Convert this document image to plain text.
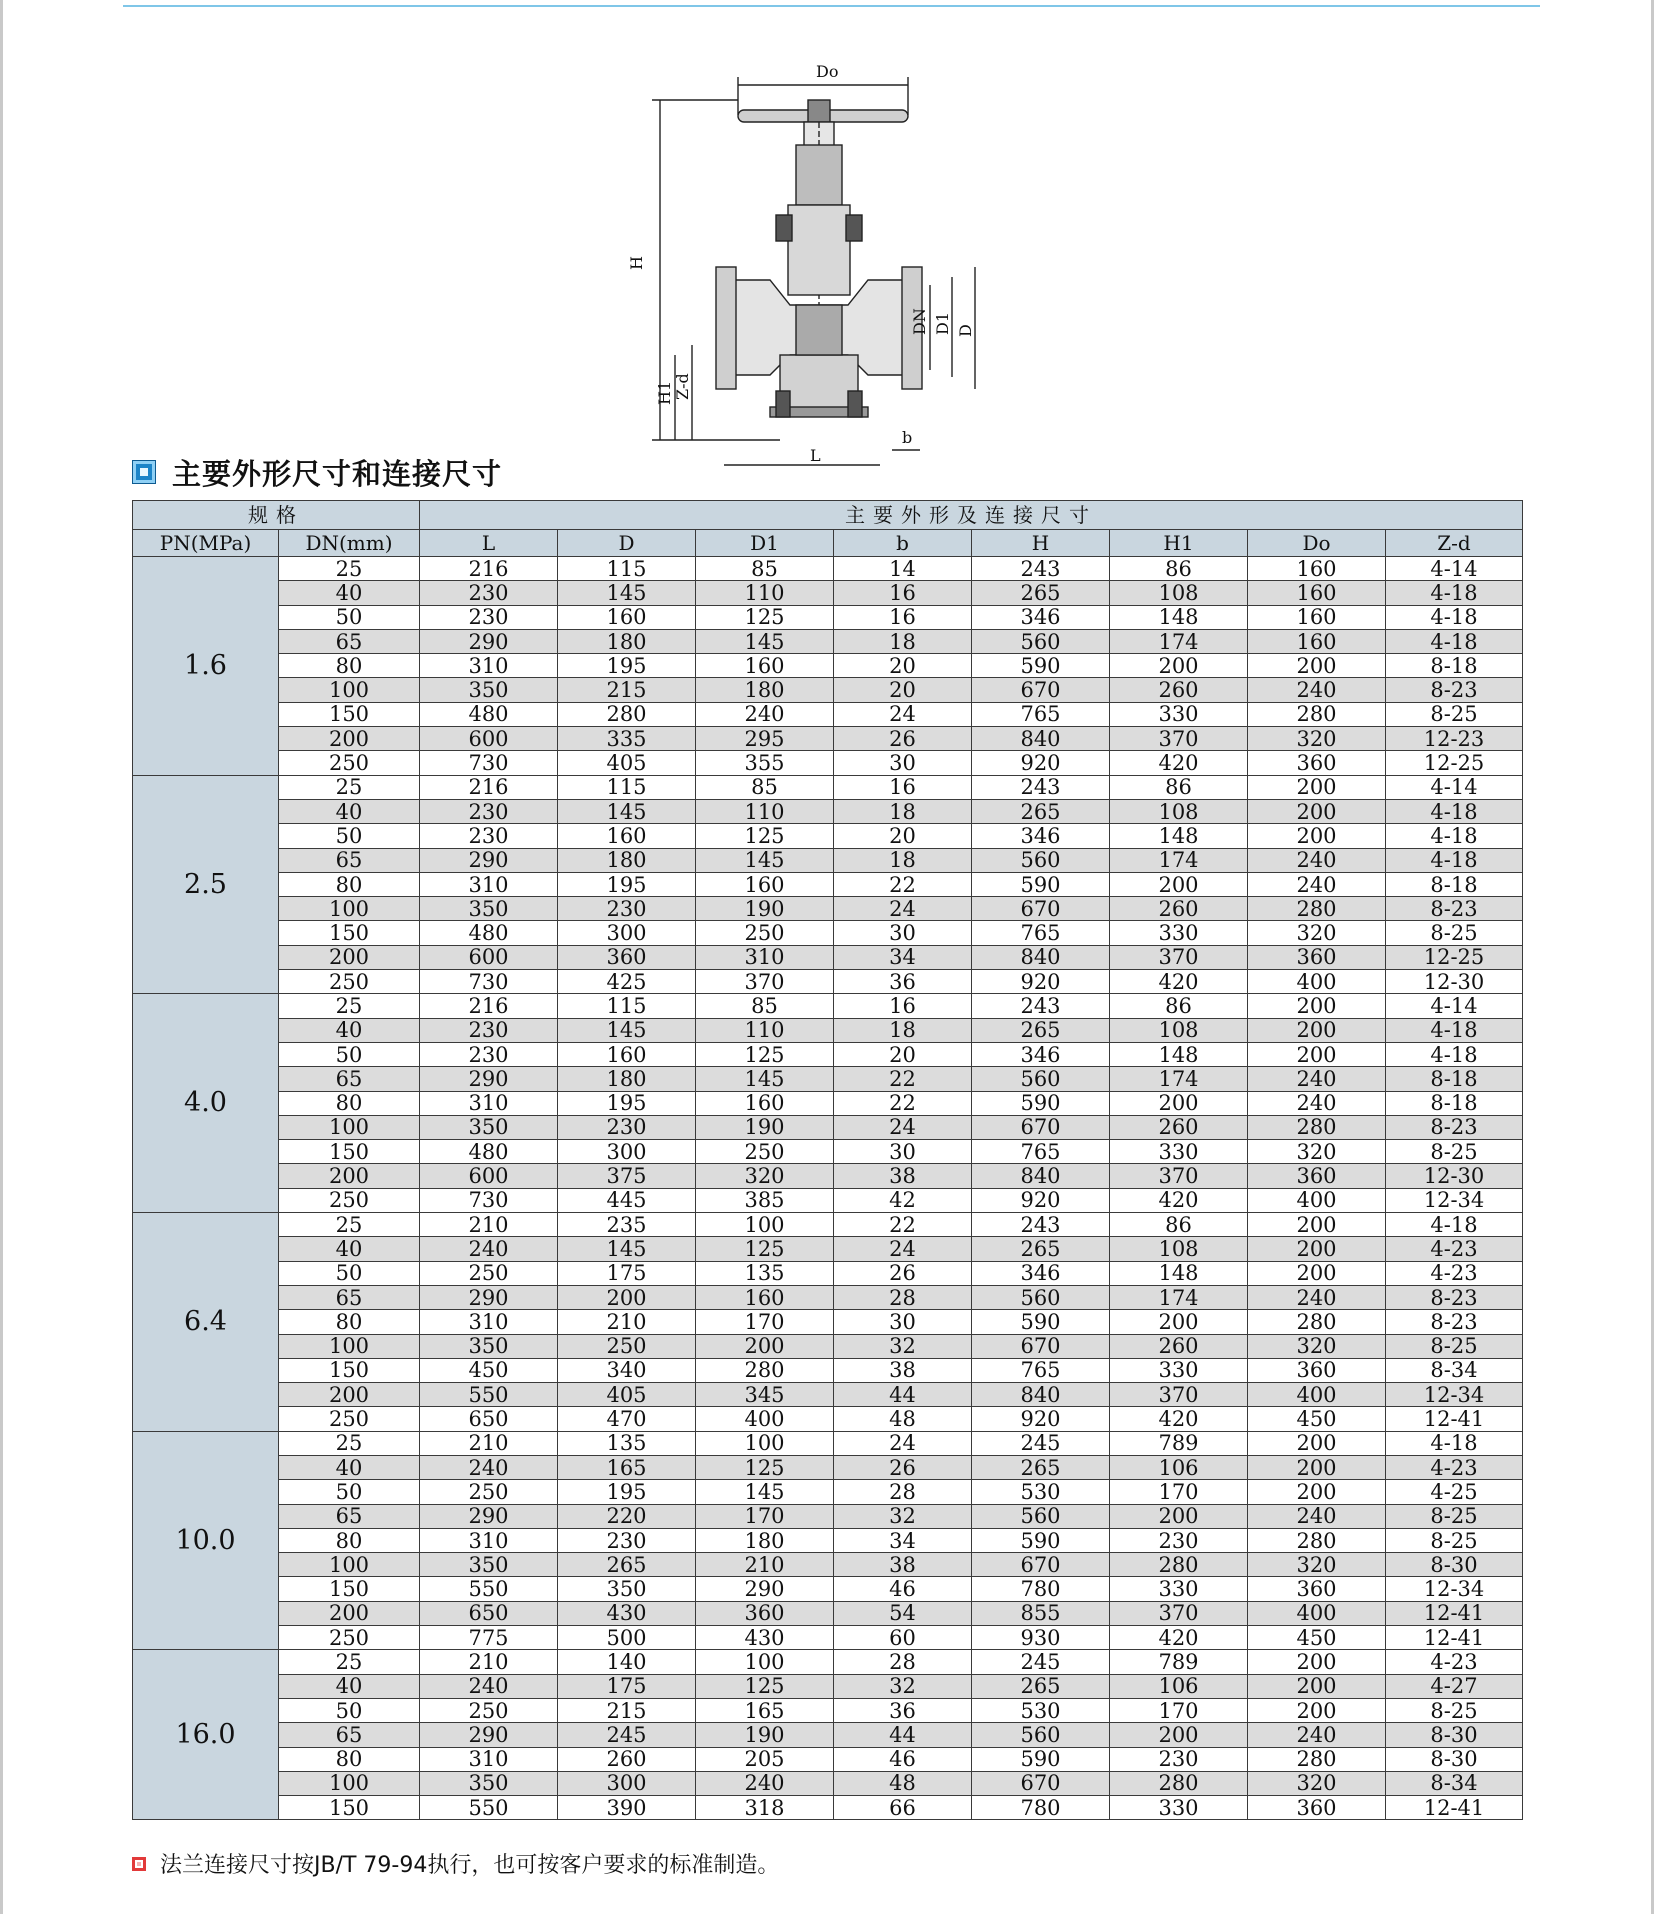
Do
H
H1 Z-d
DN D1 D
L
b
主要外形尺寸和连接尺寸
规格		主要外形及连接尺寸							
PN(MPa)	DN(mm)	L	D	D1	b	H	H1	Do	Z-d
1.6	25	216	115	85	14	243	86	160	4-14
	40	230	145	110	16	265	108	160	4-18
	50	230	160	125	16	346	148	160	4-18
	65	290	180	145	18	560	174	160	4-18
	80	310	195	160	20	590	200	200	8-18
	100	350	215	180	20	670	260	240	8-23
	150	480	280	240	24	765	330	280	8-25
	200	600	335	295	26	840	370	320	12-23
	250	730	405	355	30	920	420	360	12-25
2.5	25	216	115	85	16	243	86	200	4-14
	40	230	145	110	18	265	108	200	4-18
	50	230	160	125	20	346	148	200	4-18
	65	290	180	145	18	560	174	240	4-18
	80	310	195	160	22	590	200	240	8-18
	100	350	230	190	24	670	260	280	8-23
	150	480	300	250	30	765	330	320	8-25
	200	600	360	310	34	840	370	360	12-25
	250	730	425	370	36	920	420	400	12-30
4.0	25	216	115	85	16	243	86	200	4-14
	40	230	145	110	18	265	108	200	4-18
	50	230	160	125	20	346	148	200	4-18
	65	290	180	145	22	560	174	240	8-18
	80	310	195	160	22	590	200	240	8-18
	100	350	230	190	24	670	260	280	8-23
	150	480	300	250	30	765	330	320	8-25
	200	600	375	320	38	840	370	360	12-30
	250	730	445	385	42	920	420	400	12-34
6.4	25	210	235	100	22	243	86	200	4-18
	40	240	145	125	24	265	108	200	4-23
	50	250	175	135	26	346	148	200	4-23
	65	290	200	160	28	560	174	240	8-23
	80	310	210	170	30	590	200	280	8-23
	100	350	250	200	32	670	260	320	8-25
	150	450	340	280	38	765	330	360	8-34
	200	550	405	345	44	840	370	400	12-34
	250	650	470	400	48	920	420	450	12-41
10.0	25	210	135	100	24	245	789	200	4-18
	40	240	165	125	26	265	106	200	4-23
	50	250	195	145	28	530	170	200	4-25
	65	290	220	170	32	560	200	240	8-25
	80	310	230	180	34	590	230	280	8-25
	100	350	265	210	38	670	280	320	8-30
	150	550	350	290	46	780	330	360	12-34
	200	650	430	360	54	855	370	400	12-41
	250	775	500	430	60	930	420	450	12-41
16.0	25	210	140	100	28	245	789	200	4-23
	40	240	175	125	32	265	106	200	4-27
	50	250	215	165	36	530	170	200	8-25
	65	290	245	190	44	560	200	240	8-30
	80	310	260	205	46	590	230	280	8-30
	100	350	300	240	48	670	280	320	8-34
	150	550	390	318	66	780	330	360	12-41
法兰连接尺寸按JB/T 79-94执行，也可按客户要求的标准制造。
